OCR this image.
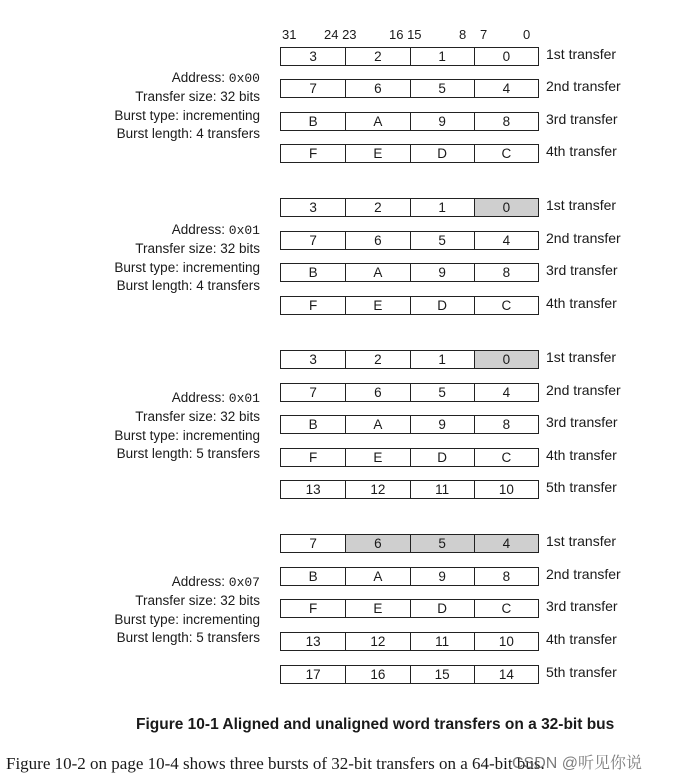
31 24 23 16 15	8 7	0
Address: 0x00
Transfer size: 32 bits
Burst type: incrementing
Burst length: 4 transfers
3	2	1	0	1st transfer
7	6	5	4	2nd transfer
B	A	9	8	3rd transfer
F	E	D	C	4th transfer
Address: 0x01
Transfer size: 32 bits
Burst type: incrementing
Burst length: 4 transfers
3	2	1	0	1st transfer
7	6	5	4	2nd transfer
B	A	9	8	3rd transfer
F	E	D	C	4th transfer
Address: 0x01
Transfer size: 32 bits
Burst type: incrementing
Burst length: 5 transfers
3	2	1	0	1st transfer
7	6	5	4	2nd transfer
B	A	9	8	3rd transfer
F	E	D	C	4th transfer
13	12	11	10	5th transfer
Address: 0x07
Transfer size: 32 bits
Burst type: incrementing
Burst length: 5 transfers
7	6	5	4	1st transfer
B	A	9	8	2nd transfer
F	E	D	C	3rd transfer
13	12	11	10	4th transfer
17	16	15	14	5th transfer
Figure 10-1 Aligned and unaligned word transfers on a 32-bit bus
Figure 10-2 on page 10-4 shows three bursts of 32-bit transfers on a 64-bit bus.
CSDN @听见你说
